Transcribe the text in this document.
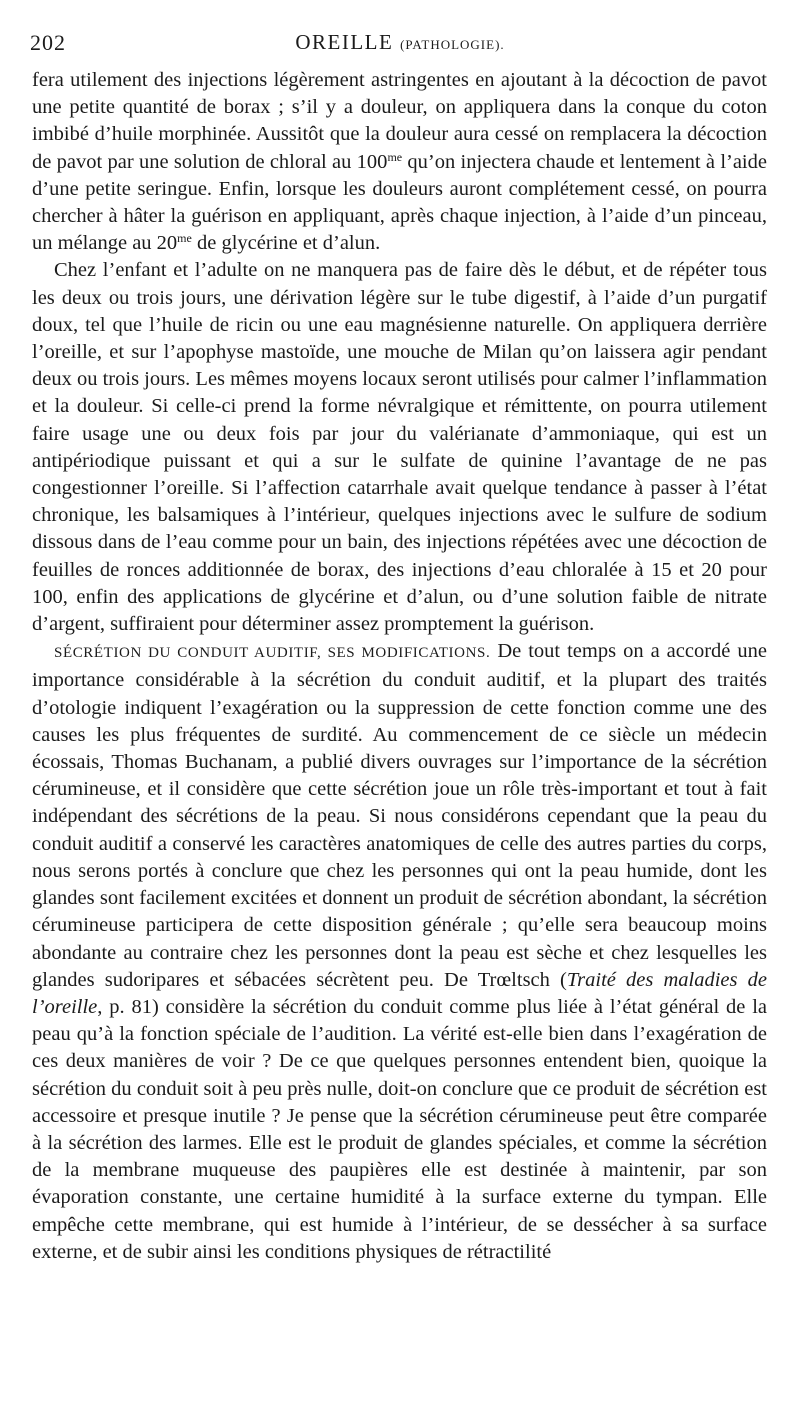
202	OREILLE (PATHOLOGIE).

fera utilement des injections légèrement astringentes en ajoutant à la décoction de pavot une petite quantité de borax ; s’il y a douleur, on appliquera dans la conque du coton imbibé d’huile morphinée. Aussitôt que la douleur aura cessé on remplacera la décoction de pavot par une solution de chloral au $100^{me}$ qu’on injectera chaude et lentement à l’aide d’une petite seringue. Enfin, lorsque les douleurs auront complétement cessé, on pourra chercher à hâter la guérison en appliquant, après chaque injection, à l’aide d’un pinceau, un mélange au $20^{me}$ de glycérine et d’alun.

Chez l’enfant et l’adulte on ne manquera pas de faire dès le début, et de répéter tous les deux ou trois jours, une dérivation légère sur le tube digestif, à l’aide d’un purgatif doux, tel que l’huile de ricin ou une eau magnésienne naturelle. On appliquera derrière l’oreille, et sur l’apophyse mastoïde, une mouche de Milan qu’on laissera agir pendant deux ou trois jours. Les mêmes moyens locaux seront utilisés pour calmer l’inflammation et la douleur. Si celle-ci prend la forme névralgique et rémittente, on pourra utilement faire usage une ou deux fois par jour du valérianate d’ammoniaque, qui est un antipériodique puissant et qui a sur le sulfate de quinine l’avantage de ne pas congestionner l’oreille. Si l’affection catarrhale avait quelque tendance à passer à l’état chronique, les balsamiques à l’intérieur, quelques injections avec le sulfure de sodium dissous dans de l’eau comme pour un bain, des injections répétées avec une décoction de feuilles de ronces additionnée de borax, des injections d’eau chloralée à 15 et 20 pour 100, enfin des applications de glycérine et d’alun, ou d’une solution faible de nitrate d’argent, suffiraient pour déterminer assez promptement la guérison.

SÉCRÉTION DU CONDUIT AUDITIF, SES MODIFICATIONS. De tout temps on a accordé une importance considérable à la sécrétion du conduit auditif, et la plupart des traités d’otologie indiquent l’exagération ou la suppression de cette fonction comme une des causes les plus fréquentes de surdité. Au commencement de ce siècle un médecin écossais, Thomas Buchanam, a publié divers ouvrages sur l’importance de la sécrétion cérumineuse, et il considère que cette sécrétion joue un rôle très-important et tout à fait indépendant des sécrétions de la peau. Si nous considérons cependant que la peau du conduit auditif a conservé les caractères anatomiques de celle des autres parties du corps, nous serons portés à conclure que chez les personnes qui ont la peau humide, dont les glandes sont facilement excitées et donnent un produit de sécrétion abondant, la sécrétion cérumineuse participera de cette disposition générale ; qu’elle sera beaucoup moins abondante au contraire chez les personnes dont la peau est sèche et chez lesquelles les glandes sudoripares et sébacées sécrètent peu. De Trœltsch (Traité des maladies de l’oreille, p. 81) considère la sécrétion du conduit comme plus liée à l’état général de la peau qu’à la fonction spéciale de l’audition. La vérité est-elle bien dans l’exagération de ces deux manières de voir ? De ce que quelques personnes entendent bien, quoique la sécrétion du conduit soit à peu près nulle, doit-on conclure que ce produit de sécrétion est accessoire et presque inutile ? Je pense que la sécrétion cérumineuse peut être comparée à la sécrétion des larmes. Elle est le produit de glandes spéciales, et comme la sécrétion de la membrane muqueuse des paupières elle est destinée à maintenir, par son évaporation constante, une certaine humidité à la surface externe du tympan. Elle empêche cette membrane, qui est humide à l’intérieur, de se dessécher à sa surface externe, et de subir ainsi les conditions physiques de rétractilité
